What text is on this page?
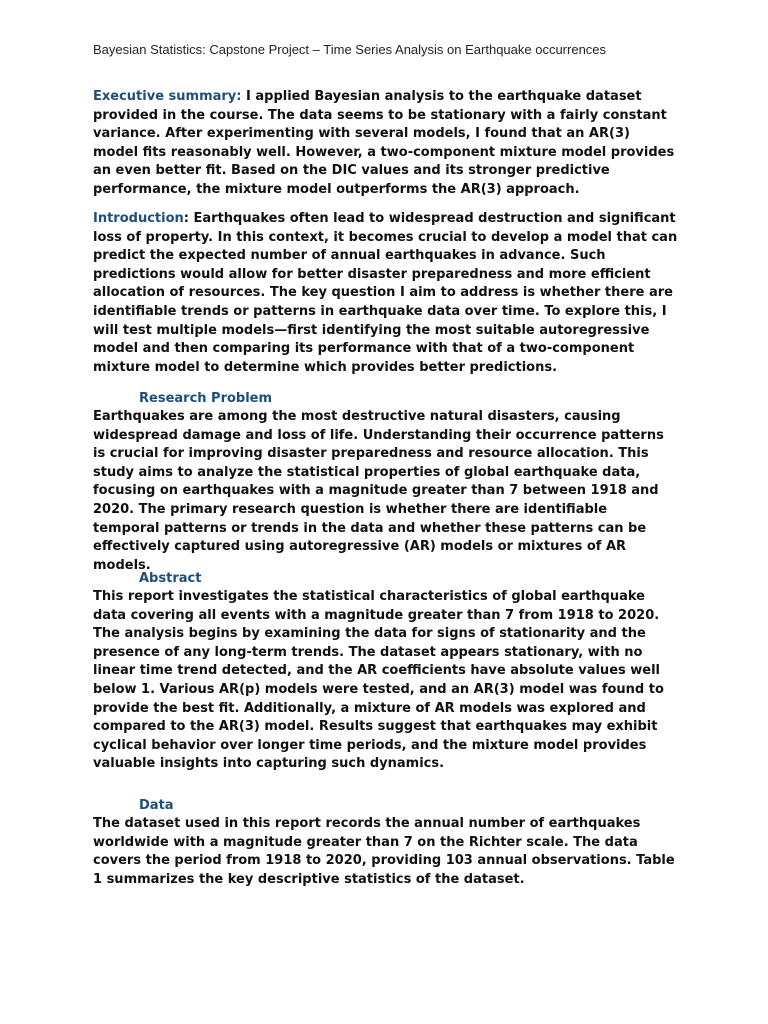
Bayesian Statistics: Capstone Project – Time Series Analysis on Earthquake occurrences

Executive summary: I applied Bayesian analysis to the earthquake dataset provided in the course. The data seems to be stationary with a fairly constant variance. After experimenting with several models, I found that an AR(3) model fits reasonably well. However, a two-component mixture model provides an even better fit. Based on the DIC values and its stronger predictive performance, the mixture model outperforms the AR(3) approach.

Introduction: Earthquakes often lead to widespread destruction and significant loss of property. In this context, it becomes crucial to develop a model that can predict the expected number of annual earthquakes in advance. Such predictions would allow for better disaster preparedness and more efficient allocation of resources. The key question I aim to address is whether there are identifiable trends or patterns in earthquake data over time. To explore this, I will test multiple models—first identifying the most suitable autoregressive model and then comparing its performance with that of a two-component mixture model to determine which provides better predictions.

Research Problem

Earthquakes are among the most destructive natural disasters, causing widespread damage and loss of life. Understanding their occurrence patterns is crucial for improving disaster preparedness and resource allocation. This study aims to analyze the statistical properties of global earthquake data, focusing on earthquakes with a magnitude greater than 7 between 1918 and 2020. The primary research question is whether there are identifiable temporal patterns or trends in the data and whether these patterns can be effectively captured using autoregressive (AR) models or mixtures of AR models.

Abstract

This report investigates the statistical characteristics of global earthquake data covering all events with a magnitude greater than 7 from 1918 to 2020. The analysis begins by examining the data for signs of stationarity and the presence of any long-term trends. The dataset appears stationary, with no linear time trend detected, and the AR coefficients have absolute values well below 1. Various AR(p) models were tested, and an AR(3) model was found to provide the best fit. Additionally, a mixture of AR models was explored and compared to the AR(3) model. Results suggest that earthquakes may exhibit cyclical behavior over longer time periods, and the mixture model provides valuable insights into capturing such dynamics.

Data

The dataset used in this report records the annual number of earthquakes worldwide with a magnitude greater than 7 on the Richter scale. The data covers the period from 1918 to 2020, providing 103 annual observations. Table 1 summarizes the key descriptive statistics of the dataset.
